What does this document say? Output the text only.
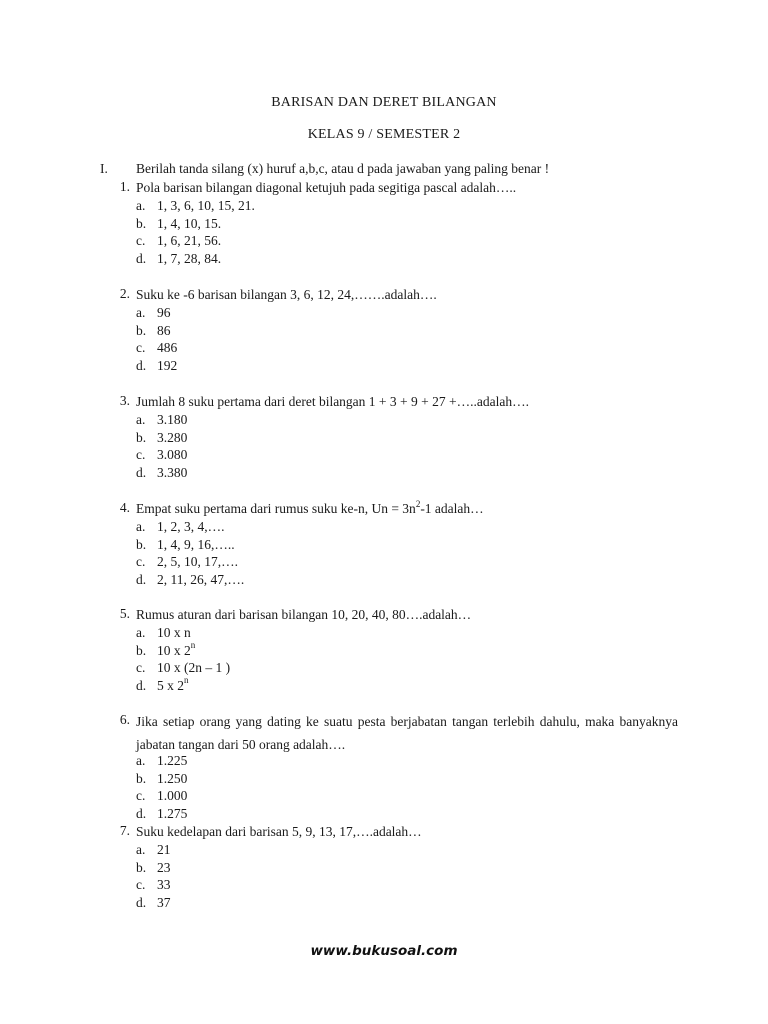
BARISAN DAN DERET BILANGAN
KELAS 9 / SEMESTER 2
I. Berilah tanda silang (x) huruf a,b,c, atau d pada jawaban yang paling benar !
1. Pola barisan bilangan diagonal ketujuh pada segitiga pascal adalah…..
a. 1, 3, 6, 10, 15, 21.
b. 1, 4, 10, 15.
c. 1, 6, 21, 56.
d. 1, 7, 28, 84.
2. Suku ke -6 barisan bilangan 3, 6, 12, 24,…….adalah….
a. 96
b. 86
c. 486
d. 192
3. Jumlah 8 suku pertama dari deret bilangan 1 + 3 + 9 + 27 +…..adalah….
a. 3.180
b. 3.280
c. 3.080
d. 3.380
4. Empat suku pertama dari rumus suku ke-n, $Un = 3n^2-1$ adalah…
a. 1, 2, 3, 4,….
b. 1, 4, 9, 16,…..
c. 2, 5, 10, 17,….
d. 2, 11, 26, 47,….
5. Rumus aturan dari barisan bilangan 10, 20, 40, 80….adalah…
a. 10 x n
b. 10 x 2$^n$
c. 10 x (2n – 1 )
d. 5 x 2$^n$
6. Jika setiap orang yang dating ke suatu pesta berjabatan tangan terlebih dahulu, maka banyaknya jabatan tangan dari 50 orang adalah….
a. 1.225
b. 1.250
c. 1.000
d. 1.275
7. Suku kedelapan dari barisan 5, 9, 13, 17,….adalah…
a. 21
b. 23
c. 33
d. 37
www.bukusoal.com
